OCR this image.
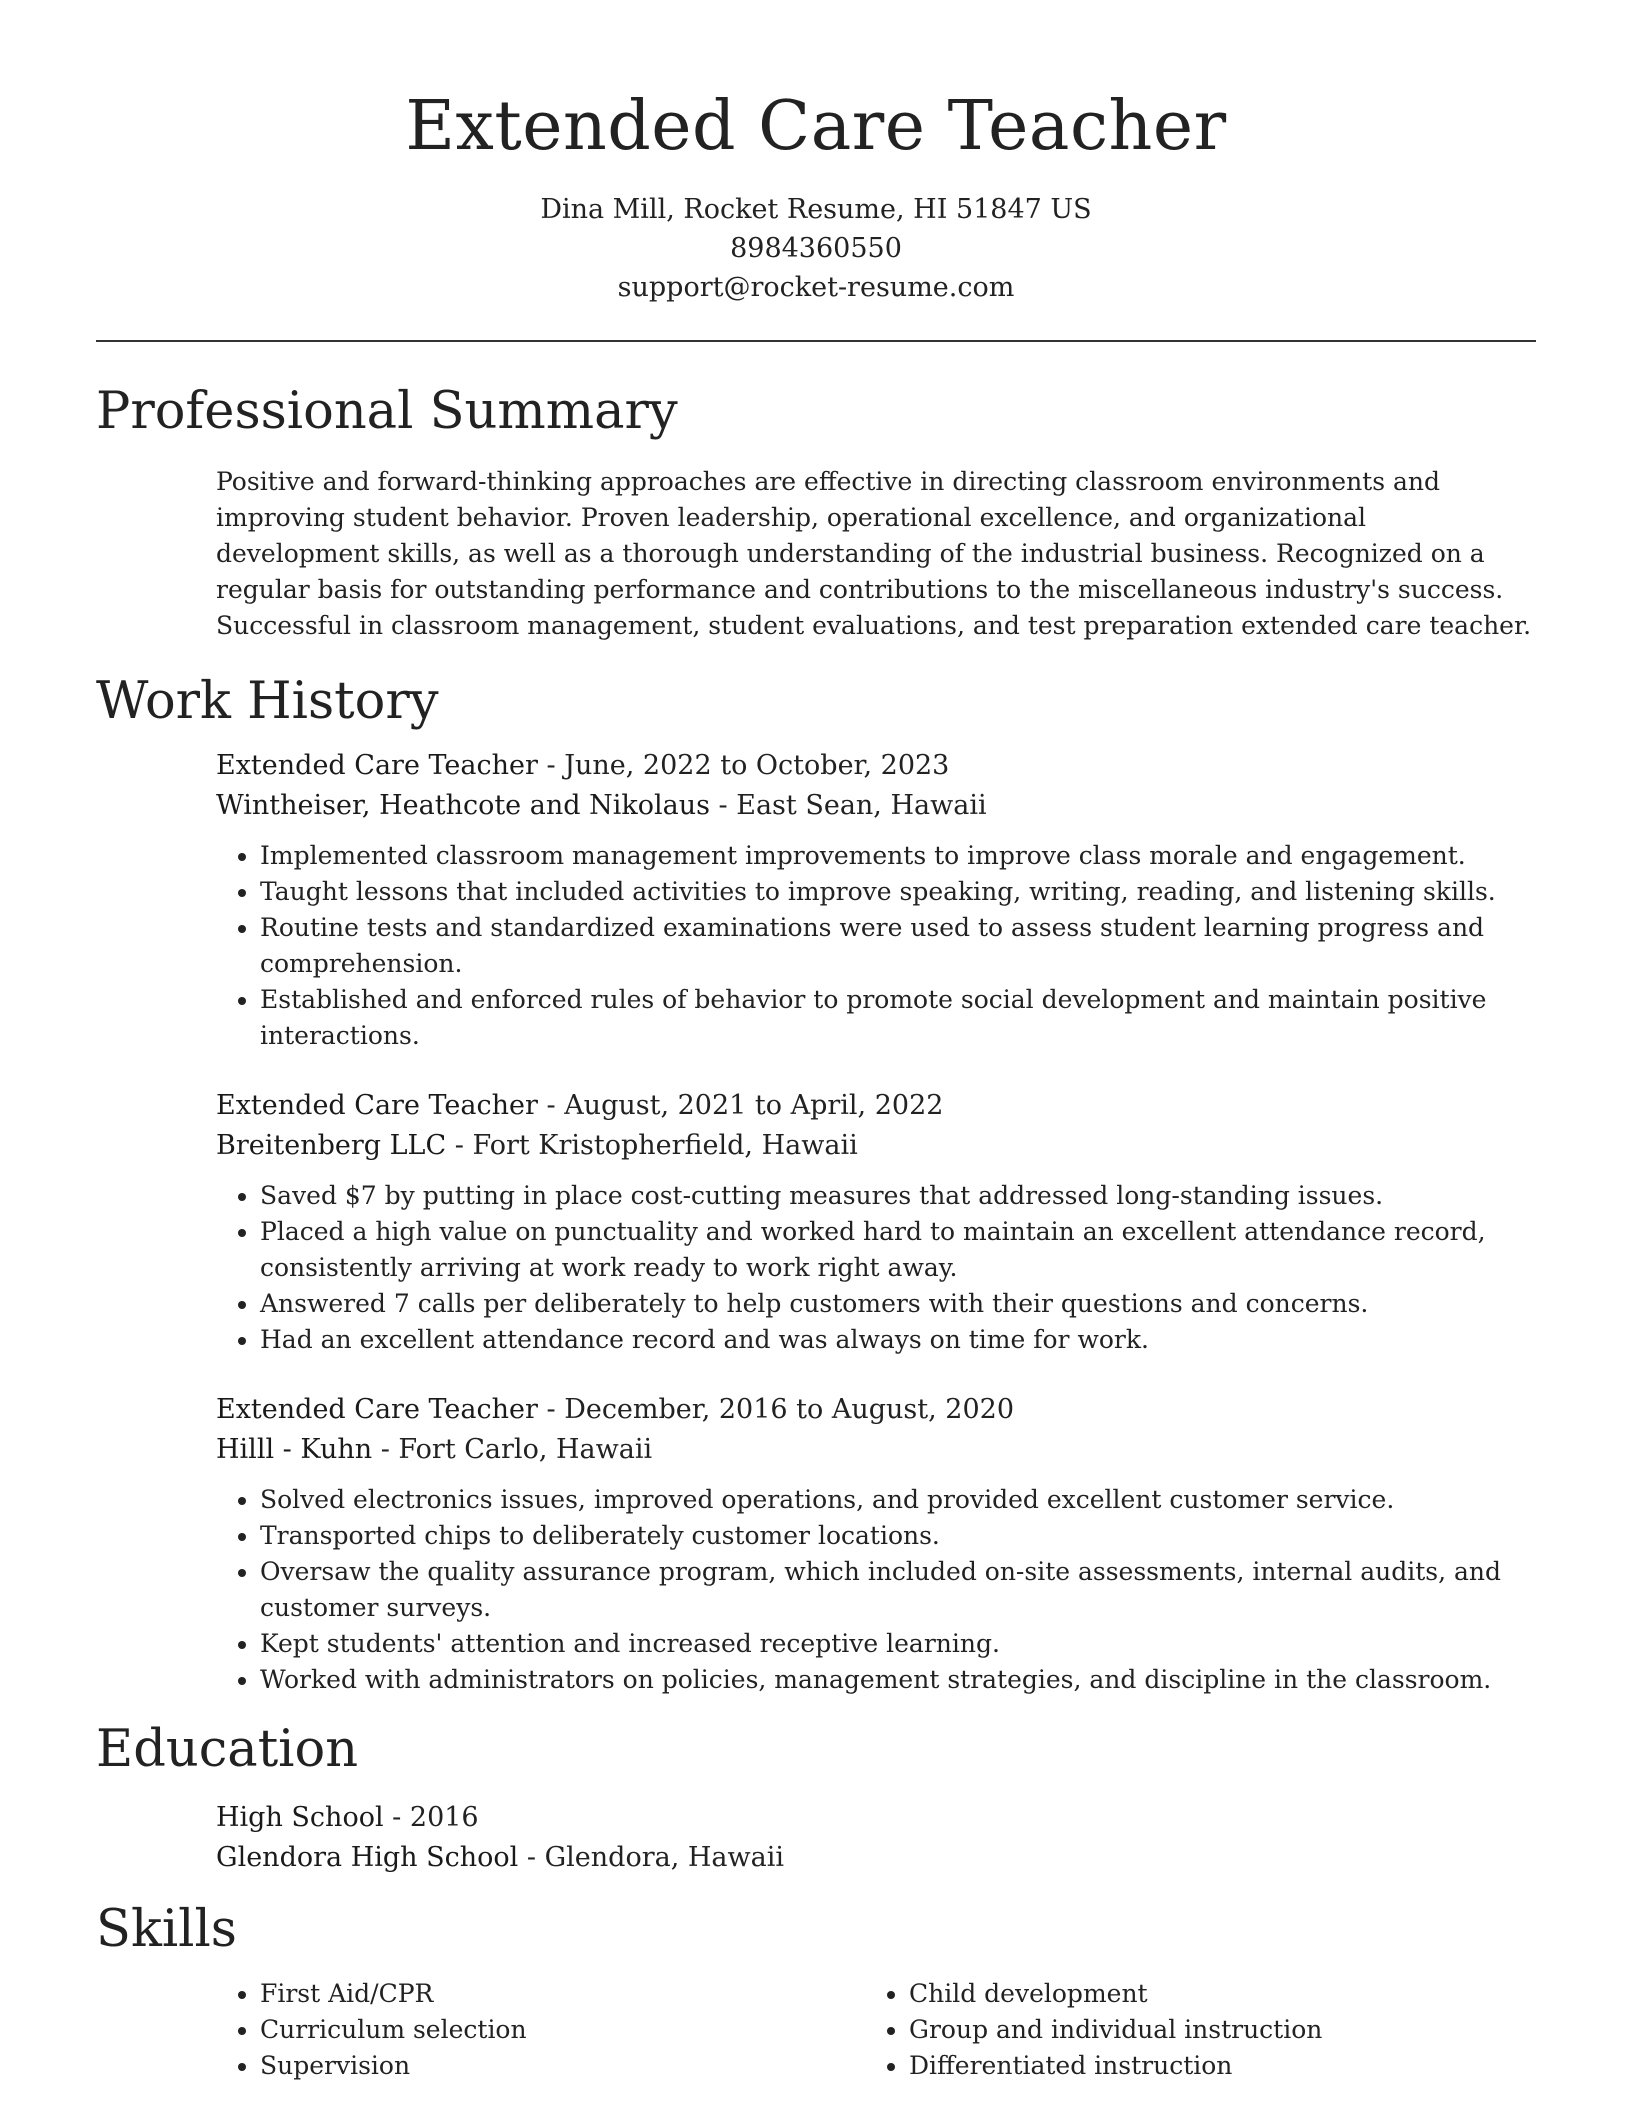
Extended Care Teacher
Dina Mill, Rocket Resume, HI 51847 US
8984360550
support@rocket-resume.com
Professional Summary

Positive and forward-thinking approaches are effective in directing classroom environments and improving student behavior. Proven leadership, operational excellence, and organizational development skills, as well as a thorough understanding of the industrial business. Recognized on a regular basis for outstanding performance and contributions to the miscellaneous industry's success. Successful in classroom management, student evaluations, and test preparation extended care teacher.

Work History
Extended Care Teacher - June, 2022 to October, 2023
Wintheiser, Heathcote and Nikolaus - East Sean, Hawaii
• Implemented classroom management improvements to improve class morale and engagement.
• Taught lessons that included activities to improve speaking, writing, reading, and listening skills.
• Routine tests and standardized examinations were used to assess student learning progress and comprehension.
• Established and enforced rules of behavior to promote social development and maintain positive interactions.
Extended Care Teacher - August, 2021 to April, 2022
Breitenberg LLC - Fort Kristopherfield, Hawaii
• Saved $7 by putting in place cost-cutting measures that addressed long-standing issues.
• Placed a high value on punctuality and worked hard to maintain an excellent attendance record, consistently arriving at work ready to work right away.
• Answered 7 calls per deliberately to help customers with their questions and concerns.
• Had an excellent attendance record and was always on time for work.
Extended Care Teacher - December, 2016 to August, 2020
Hilll - Kuhn - Fort Carlo, Hawaii
• Solved electronics issues, improved operations, and provided excellent customer service.
• Transported chips to deliberately customer locations.
• Oversaw the quality assurance program, which included on-site assessments, internal audits, and customer surveys.
• Kept students' attention and increased receptive learning.
• Worked with administrators on policies, management strategies, and discipline in the classroom.
Education
High School - 2016
Glendora High School - Glendora, Hawaii
Skills
• First Aid/CPR
• Curriculum selection
• Supervision
• Child development
• Group and individual instruction
• Differentiated instruction
